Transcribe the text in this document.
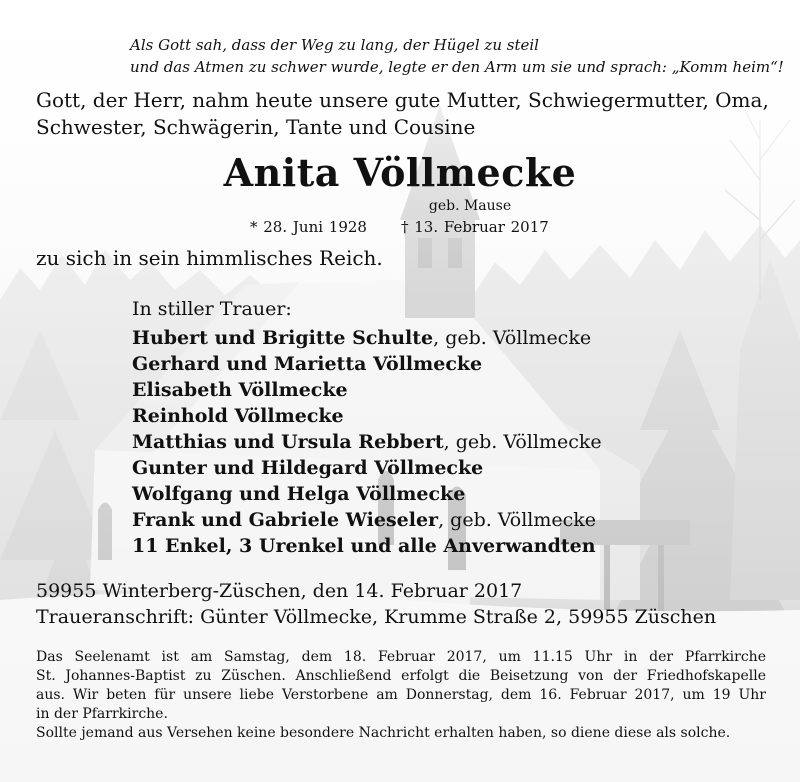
Als Gott sah, dass der Weg zu lang, der Hügel zu steil
und das Atmen zu schwer wurde, legte er den Arm um sie und sprach: „Komm heim“!
Gott, der Herr, nahm heute unsere gute Mutter, Schwiegermutter, Oma,
Schwester, Schwägerin, Tante und Cousine
Anita Völlmecke
geb. Mause
* 28. Juni 1928 † 13. Februar 2017
zu sich in sein himmlisches Reich.
In stiller Trauer:
Hubert und Brigitte Schulte, geb. Völlmecke
Gerhard und Marietta Völlmecke
Elisabeth Völlmecke
Reinhold Völlmecke
Matthias und Ursula Rebbert, geb. Völlmecke
Gunter und Hildegard Völlmecke
Wolfgang und Helga Völlmecke
Frank und Gabriele Wieseler, geb. Völlmecke
11 Enkel, 3 Urenkel und alle Anverwandten
59955 Winterberg-Züschen, den 14. Februar 2017
Traueranschrift: Günter Völlmecke, Krumme Straße 2, 59955 Züschen
Das Seelenamt ist am Samstag, dem 18. Februar 2017, um 11.15 Uhr in der Pfarrkirche
St. Johannes-Baptist zu Züschen. Anschließend erfolgt die Beisetzung von der Friedhofskapelle
aus. Wir beten für unsere liebe Verstorbene am Donnerstag, dem 16. Februar 2017, um 19 Uhr
in der Pfarrkirche.
Sollte jemand aus Versehen keine besondere Nachricht erhalten haben, so diene diese als solche.
